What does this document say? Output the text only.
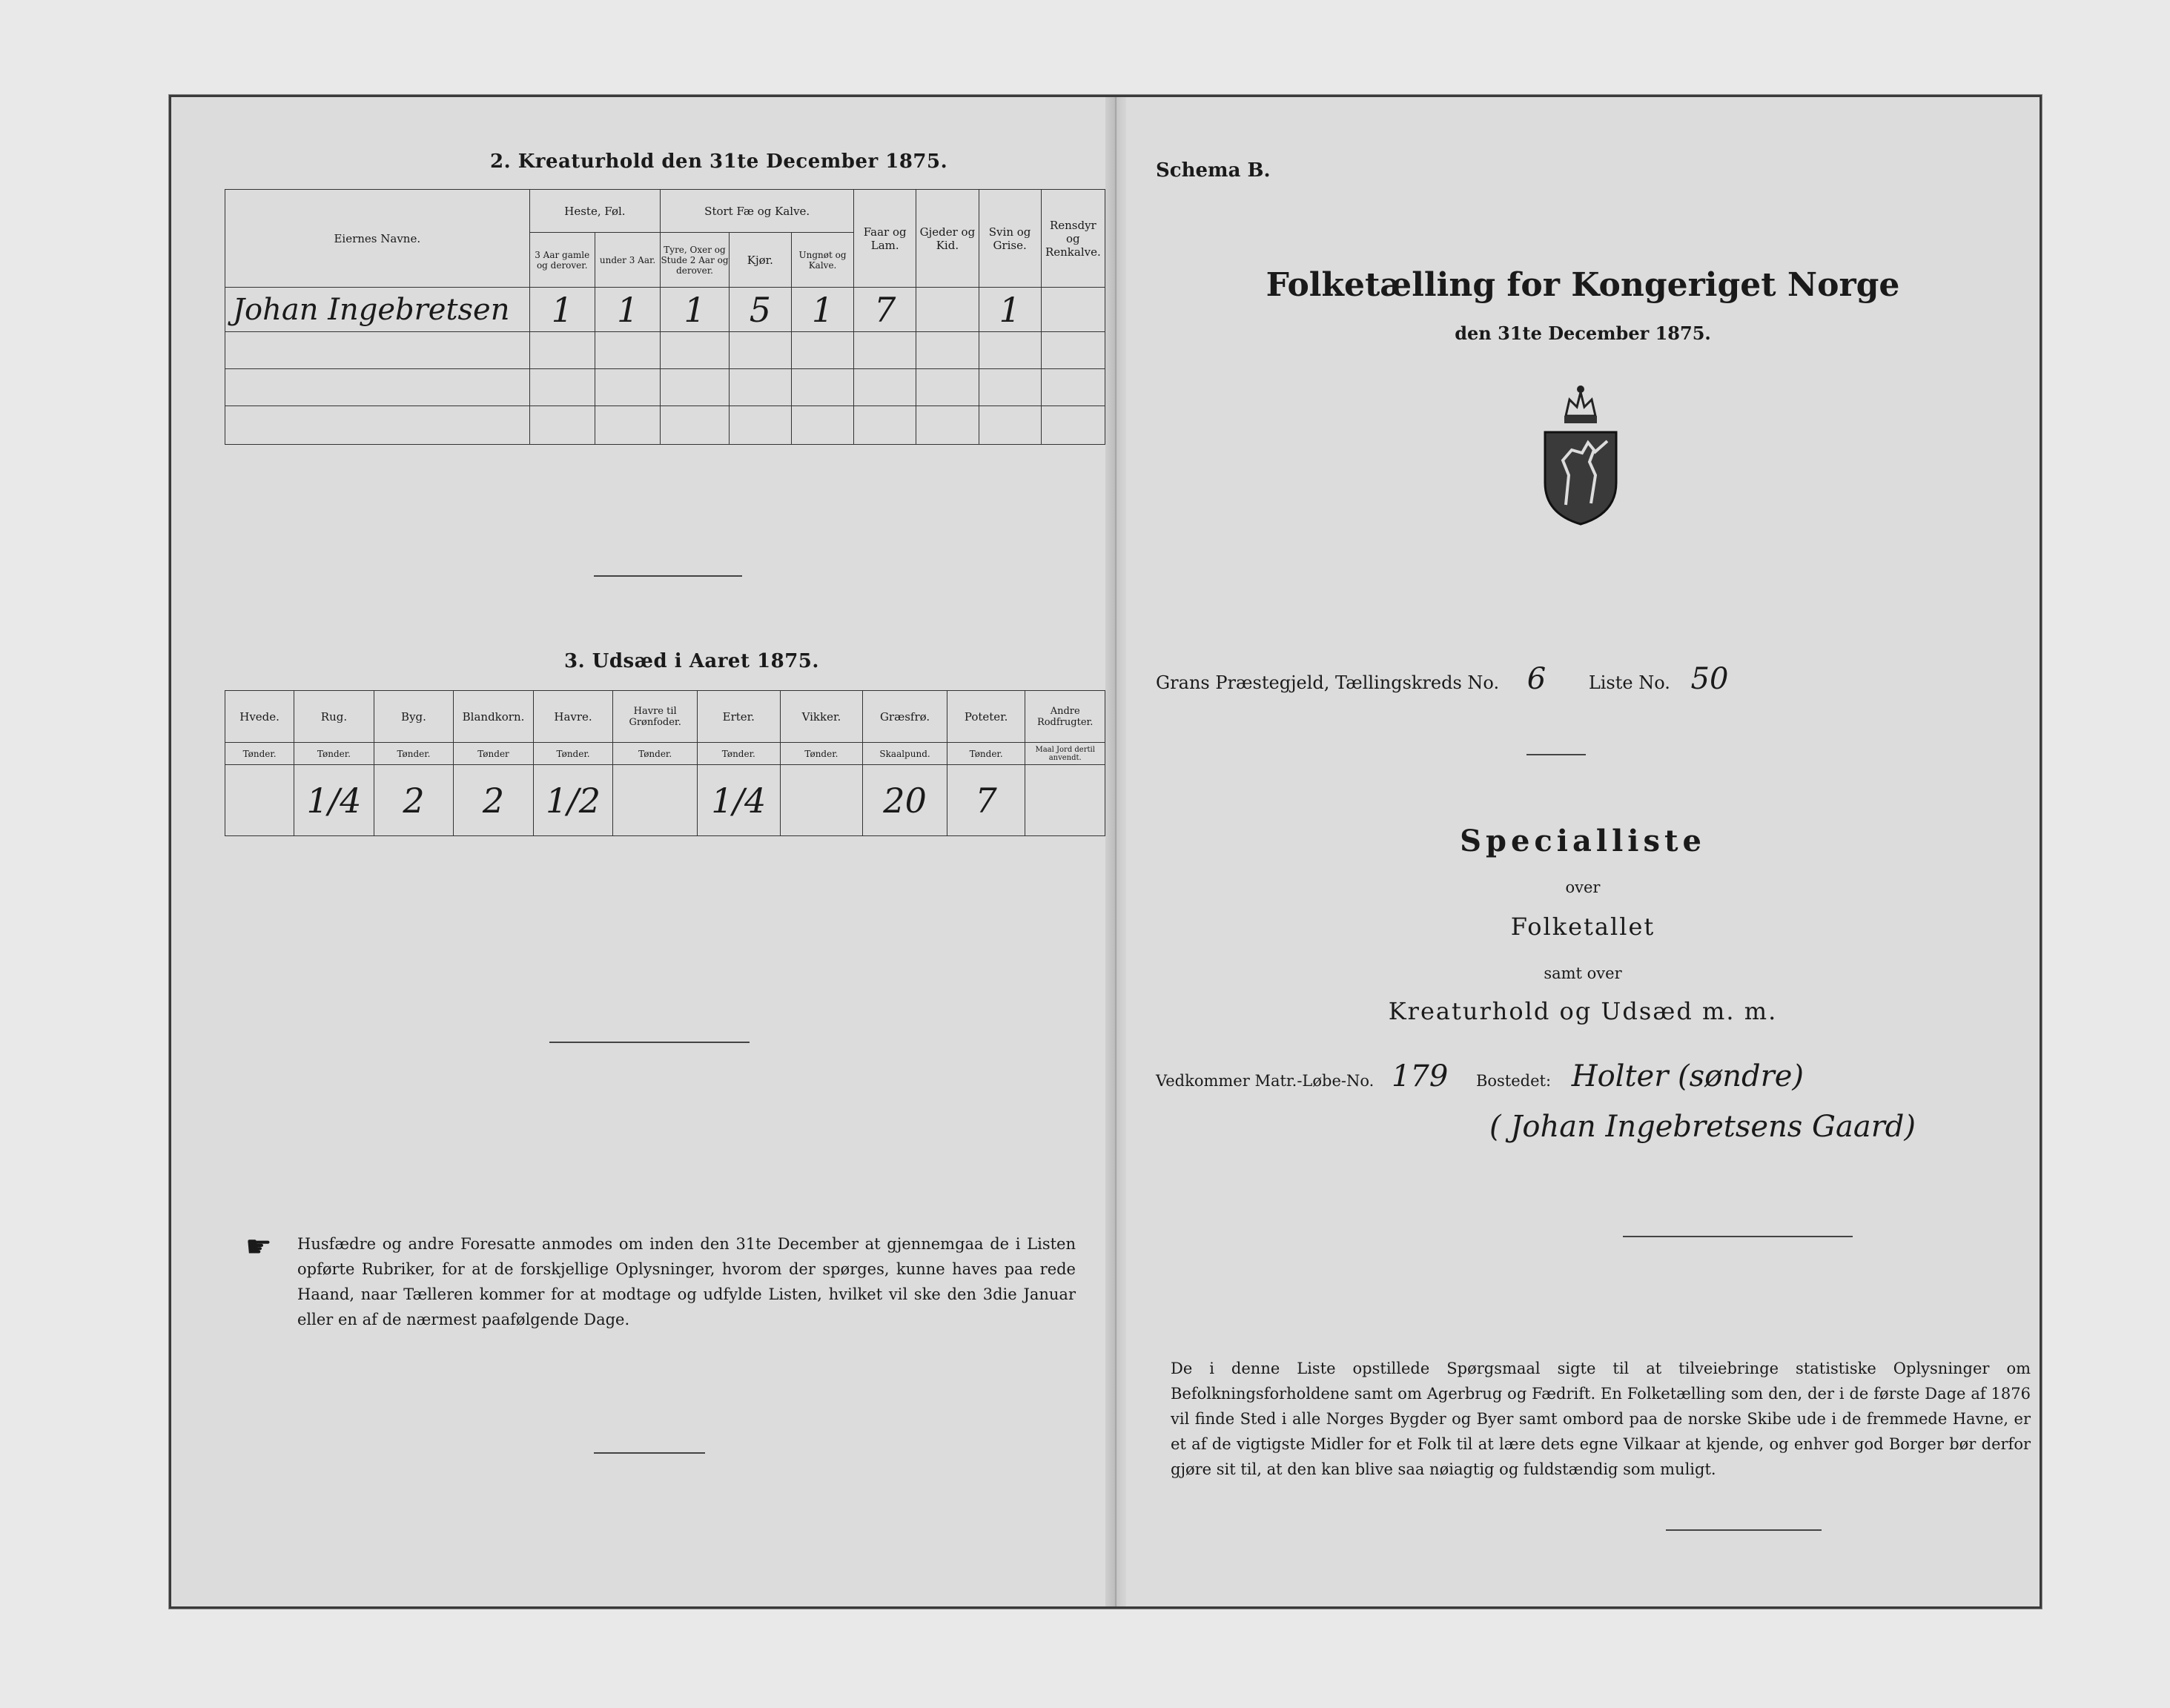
2. Kreaturhold den 31te December 1875.
Eiernes Navne.	Heste, Føl.		Stort Fæ og Kalve.			Faar og Lam.	Gjeder og Kid.	Svin og Grise.	Rensdyr og Renkalve.
	3 Aar gamle og derover.	under 3 Aar.	Tyre, Oxer og Stude 2 Aar og derover.	Kjør.	Ungnøt og Kalve.				
Johan Ingebretsen	1	1	1	5	1	7		1	

3. Udsæd i Aaret 1875.
Hvede.	Rug.	Byg.	Blandkorn.	Havre.	Havre til Grønfoder.	Erter.	Vikker.	Græsfrø.	Poteter.	Andre Rodfrugter.
Tønder.	Tønder.	Tønder.	Tønder	Tønder.	Tønder.	Tønder.	Tønder.	Skaalpund.	Tønder.	Maal Jord dertil anvendt.
	1/4	2	2	1/2		1/4		20	7	
☛ Husfædre og andre Foresatte anmodes om inden den 31te December at gjennemgaa de i Listen opførte Rubriker, for at de forskjellige Oplysninger, hvorom der spørges, kunne haves paa rede Haand, naar Tælleren kommer for at modtage og udfylde Listen, hvilket vil ske den 3die Januar eller en af de nærmest paafølgende Dage.
Schema B.
Folketælling for Kongeriget Norge
den 31te December 1875.
Grans Præstegjeld, Tællingskreds No. 6 Liste No. 50
Specialliste
over
Folketallet
samt over
Kreaturhold og Udsæd m. m.
Vedkommer Matr.-Løbe-No. 179 Bostedet: Holter (søndre)
( Johan Ingebretsens Gaard)
De i denne Liste opstillede Spørgsmaal sigte til at tilveiebringe statistiske Oplysninger om Befolkningsforholdene samt om Agerbrug og Fædrift. En Folketælling som den, der i de første Dage af 1876 vil finde Sted i alle Norges Bygder og Byer samt ombord paa de norske Skibe ude i de fremmede Havne, er et af de vigtigste Midler for et Folk til at lære dets egne Vilkaar at kjende, og enhver god Borger bør derfor gjøre sit til, at den kan blive saa nøiagtig og fuldstændig som muligt.
